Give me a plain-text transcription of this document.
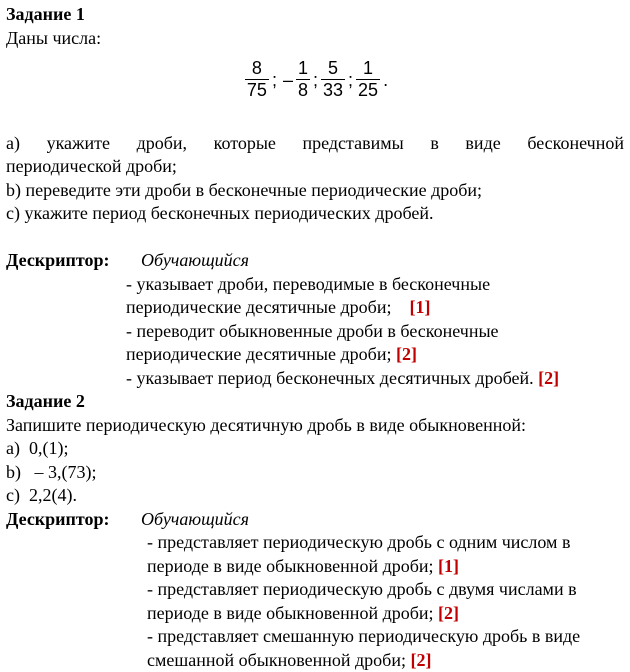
Задание 1
Даны числа:
$\frac{8}{75}$ ; – $\frac{1}{8}$ ; $\frac{5}{33}$ ; $\frac{1}{25}$ .
a) укажите дроби, которые представимы в виде бесконечной
периодической дроби;
b) переведите эти дроби в бесконечные периодические дроби;
c) укажите период бесконечных периодических дробей.
Дескриптор:	Обучающийся
- указывает дроби, переводимые в бесконечные
периодические десятичные дроби; [1]
- переводит обыкновенные дроби в бесконечные
периодические десятичные дроби; [2]
- указывает период бесконечных десятичных дробей. [2]
Задание 2
Запишите периодическую десятичную дробь в виде обыкновенной:
a) 0,(1);
b) – 3,(73);
c) 2,2(4).
Дескриптор:	Обучающийся
- представляет периодическую дробь с одним числом в
периоде в виде обыкновенной дроби; [1]
- представляет периодическую дробь с двумя числами в
периоде в виде обыкновенной дроби; [2]
- представляет смешанную периодическую дробь в виде
смешанной обыкновенной дроби; [2]
